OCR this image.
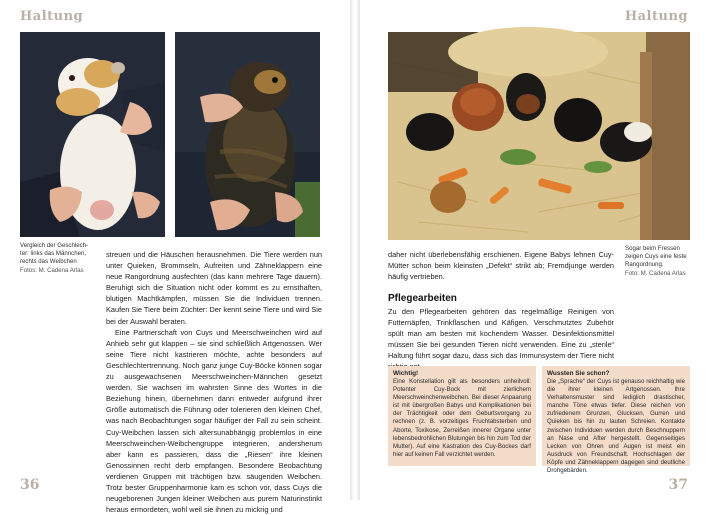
Haltung
Vergleich der Geschlech-
ter: links das Männchen,
rechts das Weibchen
Fotos: M. Cadena Arlas

streuen und die Häuschen herausnehmen. Die Tiere werden nun unter Quieken, Brommseln, Aufreiten und Zähneklappern eine neue Rangordnung ausfechten (das kann mehrere Tage dauern). Beruhigt sich die Situation nicht oder kommt es zu ernsthaften, blutigen Machtkämpfen, müssen Sie die Individuen trennen. Kaufen Sie Tiere beim Züchter: Der kennt seine Tiere und wird Sie bei der Auswahl beraten.

Eine Partnerschaft von Cuys und Meerschweinchen wird auf Anhieb sehr gut klappen – sie sind schließlich Artgenossen. Wer seine Tiere nicht kastrieren möchte, achte besonders auf Geschlechtertrennung. Noch ganz junge Cuy-Böcke können sogar zu ausgewachsenen Meerschweinchen-Männchen gesetzt werden. Sie wachsen im wahrsten Sinne des Wortes in die Beziehung hinein, übernehmen dann entweder aufgrund ihrer Größe automatisch die Führung oder tolerieren den kleinen Chef, was nach Beobachtungen sogar häufiger der Fall zu sein scheint. Cuy-Weibchen lassen sich altersunabhängig problemlos in eine Meerschweinchen-Weibchengruppe integrieren, andersherum aber kann es passieren, dass die „Riesen“ ihre kleinen Genossinnen recht derb empfangen. Besondere Beobachtung verdienen Gruppen mit trächtigen bzw. säugenden Weibchen. Trotz bester Gruppenharmonie kam es schon vor, dass Cuys die neugeborenen Jungen kleiner Weibchen aus purem Naturinstinkt heraus ermordeten, wohl weil sie ihnen zu mickrig und

36
Haltung
Sogar beim Fressen
zeigen Cuys eine feste
Rangordnung.
Foto: M. Cadena Arlas

daher nicht überlebensfähig erschienen. Eigene Babys lehnen Cuy-Mütter schon beim kleinsten „Defekt“ strikt ab; Fremdjunge werden häufig vertrieben.

Pflegearbeiten

Zu den Pflegearbeiten gehören das regelmäßige Reinigen von Futternäpfen, Trinkflaschen und Käfigen. Verschmutztes Zubehör spült man am besten mit kochendem Wasser. Desinfektionsmittel müssen Sie bei gesunden Tieren nicht verwenden. Eine zu „sterile“ Haltung führt sogar dazu, dass sich das Immunsystem der Tiere nicht

Wichtig!
Eine Konstellation gilt als besonders unheilvoll: Potenter Cuy-Bock mit zierlichem Meerschweinchenweibchen. Bei dieser Anpaarung ist mit übergroßen Babys und Komplikationen bei der Trächtigkeit oder dem Geburtsvorgang zu rechnen (z. B. vorzeitiges Fruchtabsterben und Aborte, Toxikose, Zerreißen innerer Organe unter lebensbedrohlichen Blutungen bis hin zum Tod der Mutter). Auf eine Kastration des Cuy-Bockes darf hier auf keinen Fall verzichtet werden.
Wussten Sie schon?
Die „Sprache“ der Cuys ist genauso reichhaltig wie die ihrer kleinen Artgenossen. Ihre Verhaltensmuster sind lediglich drastischer, manche Töne etwas tiefer. Diese reichen von zufriedenem Grunzen, Glucksen, Gurren und Quieken bis hin zu lauten Schreien. Kontakte zwischen Individuen werden durch Beschnuppern an Nase und After hergestellt. Gegenseitiges Lecken von Ohren und Augen ist meist ein Ausdruck von Freundschaft. Hochschlagen der Köpfe und Zähneklappern dagegen sind deutliche Drohgebärden.
37
